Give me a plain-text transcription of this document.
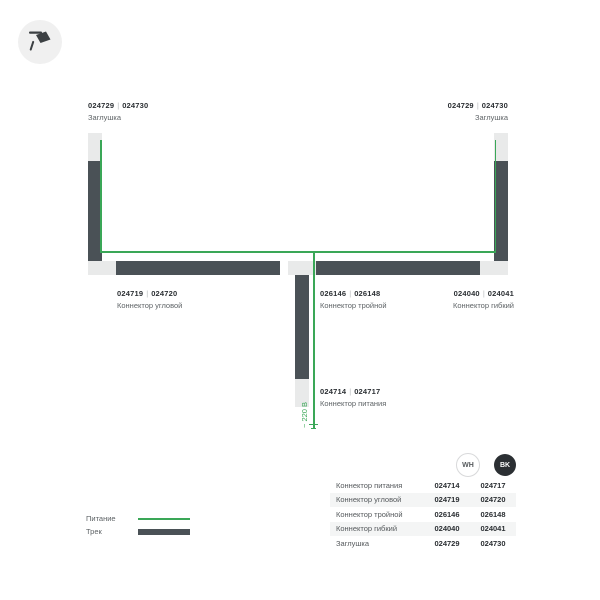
~ 220 В
024729 | 024730
Заглушка
024729 | 024730
Заглушка
024719 | 024720
Коннектор угловой
026146 | 026148
Коннектор тройной
024040 | 024041
Коннектор гибкий
024714 | 024717
Коннектор питания
Питание
Трек
WH	BK
Коннектор питания	024714	024717
Коннектор угловой	024719	024720
Коннектор тройной	026146	026148
Коннектор гибкий	024040	024041
Заглушка	024729	024730
